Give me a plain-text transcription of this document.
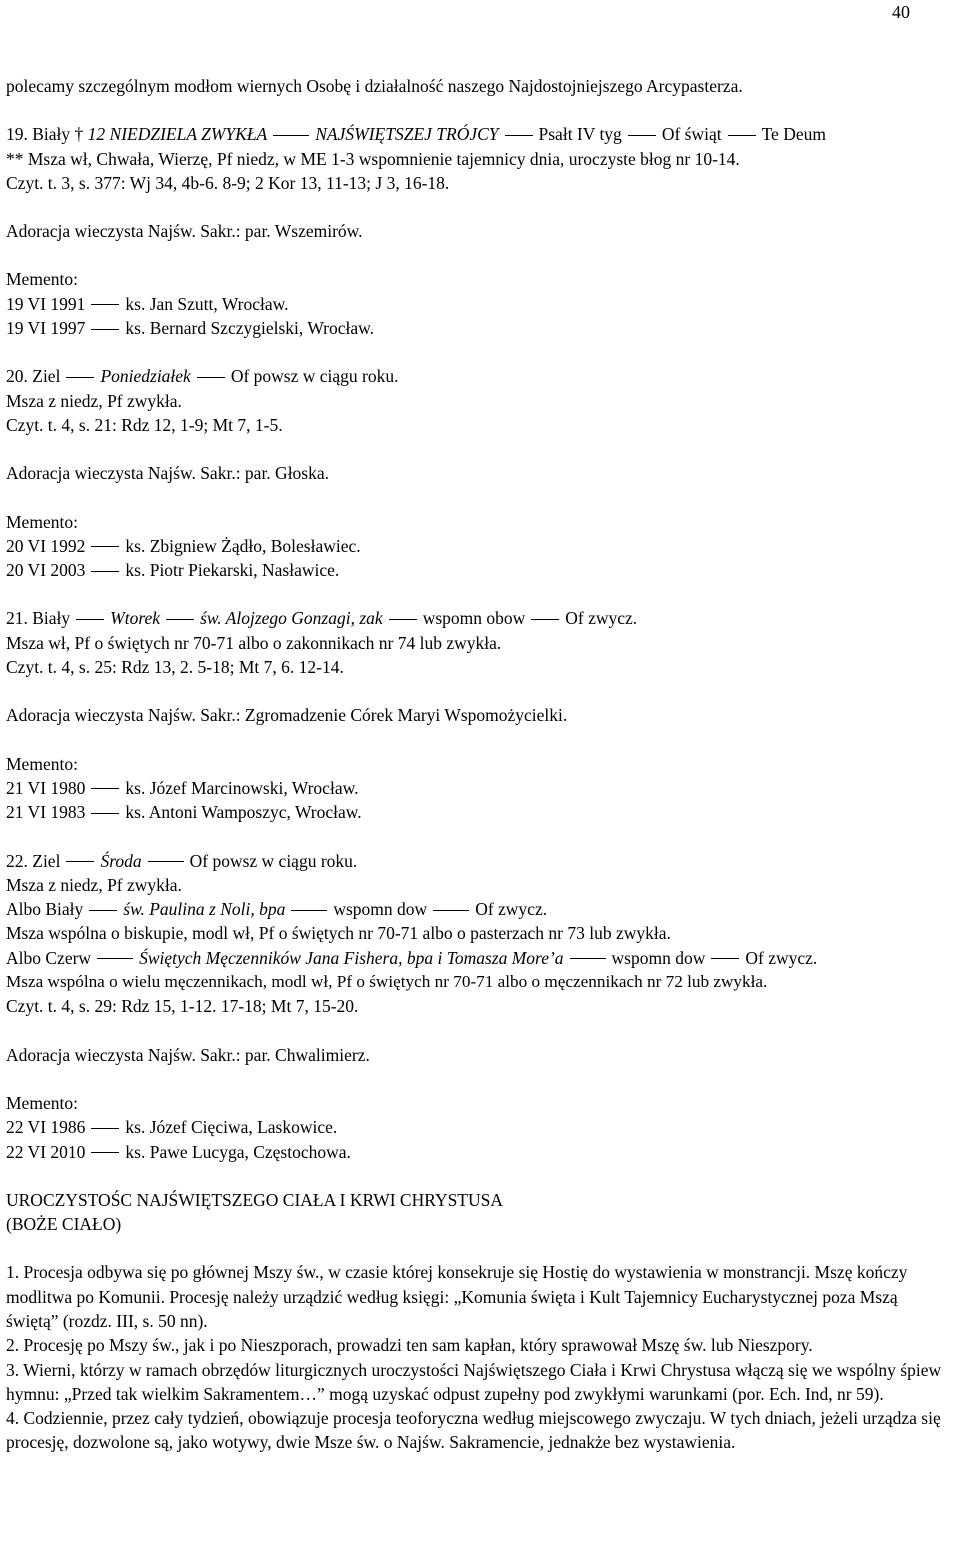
40
polecamy szczególnym modłom wiernych Osobę i działalność naszego Najdostojniejszego Arcypasterza.
19. Biały † 12 NIEDZIELA ZWYKŁA	NAJŚWIĘTSZEJ TRÓJCY Psałt IV tyg Of świąt Te Deum
** Msza wł, Chwała, Wierzę, Pf niedz, w ME 1-3 wspomnienie tajemnicy dnia, uroczyste błog nr 10-14.
Czyt. t. 3, s. 377: Wj 34, 4b-6. 8-9; 2 Kor 13, 11-13; J 3, 16-18.
Adoracja wieczysta Najśw. Sakr.: par. Wszemirów.
Memento:
19 VI 1991 ks. Jan Szutt, Wrocław.
19 VI 1997 ks. Bernard Szczygielski, Wrocław.
20. Ziel Poniedziałek Of powsz w ciągu roku.
Msza z niedz, Pf zwykła.
Czyt. t. 4, s. 21: Rdz 12, 1-9; Mt 7, 1-5.
Adoracja wieczysta Najśw. Sakr.: par. Głoska.
Memento:
20 VI 1992 ks. Zbigniew Żądło, Bolesławiec.
20 VI 2003 ks. Piotr Piekarski, Nasławice.
21. Biały Wtorek św. Alojzego Gonzagi, zak wspomn obow Of zwycz.
Msza wł, Pf o świętych nr 70-71 albo o zakonnikach nr 74 lub zwykła.
Czyt. t. 4, s. 25: Rdz 13, 2. 5-18; Mt 7, 6. 12-14.
Adoracja wieczysta Najśw. Sakr.: Zgromadzenie Córek Maryi Wspomożycielki.
Memento:
21 VI 1980 ks. Józef Marcinowski, Wrocław.
21 VI 1983 ks. Antoni Wamposzyc, Wrocław.
22. Ziel Środa	Of powsz w ciągu roku.
Msza z niedz, Pf zwykła.
Albo Biały św. Paulina z Noli, bpa	wspomn dow	Of zwycz.
Msza wspólna o biskupie, modl wł, Pf o świętych nr 70-71 albo o pasterzach nr 73 lub zwykła.
Albo Czerw	Świętych Męczenników Jana Fishera, bpa i Tomasza More’a	wspomn dow Of zwycz.
Msza wspólna o wielu męczennikach, modl wł, Pf o świętych nr 70-71 albo o męczennikach nr 72 lub zwykła.
Czyt. t. 4, s. 29: Rdz 15, 1-12. 17-18; Mt 7, 15-20.
Adoracja wieczysta Najśw. Sakr.: par. Chwalimierz.
Memento:
22 VI 1986 ks. Józef Cięciwa, Laskowice.
22 VI 2010 ks. Pawe Lucyga, Częstochowa.
UROCZYSTOŚC NAJŚWIĘTSZEGO CIAŁA I KRWI CHRYSTUSA
(BOŻE CIAŁO)
1. Procesja odbywa się po głównej Mszy św., w czasie której konsekruje się Hostię do wystawienia w monstrancji. Mszę kończy modlitwa po Komunii. Procesję należy urządzić według księgi: „Komunia święta i Kult Tajemnicy Eucharystycznej poza Mszą świętą” (rozdz. III, s. 50 nn).
2. Procesję po Mszy św., jak i po Nieszporach, prowadzi ten sam kapłan, który sprawował Mszę św. lub Nieszpory.
3. Wierni, którzy w ramach obrzędów liturgicznych uroczystości Najświętszego Ciała i Krwi Chrystusa włączą się we wspólny śpiew hymnu: „Przed tak wielkim Sakramentem…” mogą uzyskać odpust zupełny pod zwykłymi warunkami (por. Ech. Ind, nr 59).
4. Codziennie, przez cały tydzień, obowiązuje procesja teoforyczna według miejscowego zwyczaju. W tych dniach, jeżeli urządza się procesję, dozwolone są, jako wotywy, dwie Msze św. o Najśw. Sakramencie, jednakże bez wystawienia.
